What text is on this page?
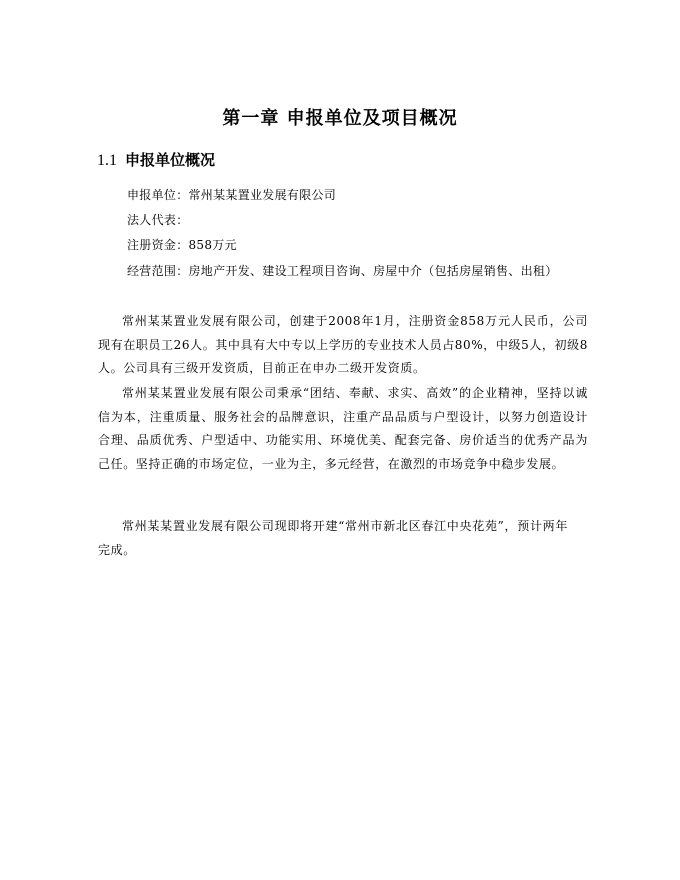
第一章 申报单位及项目概况
1.1 申报单位概况
申报单位：常州某某置业发展有限公司
法人代表：
注册资金：858万元
经营范围：房地产开发、建设工程项目咨询、房屋中介（包括房屋销售、出租）

常州某某置业发展有限公司，创建于2008年1月，注册资金858万元人民币，公司现有在职员工26人。其中具有大中专以上学历的专业技术人员占80%，中级5人，初级8人。公司具有三级开发资质，目前正在申办二级开发资质。

常州某某置业发展有限公司秉承“团结、奉献、求实、高效”的企业精神，坚持以诚信为本，注重质量、服务社会的品牌意识，注重产品品质与户型设计，以努力创造设计合理、品质优秀、户型适中、功能实用、环境优美、配套完备、房价适当的优秀产品为己任。坚持正确的市场定位，一业为主，多元经营，在激烈的市场竞争中稳步发展。

常州某某置业发展有限公司现即将开建“常州市新北区春江中央花苑”，预计两年完成。
